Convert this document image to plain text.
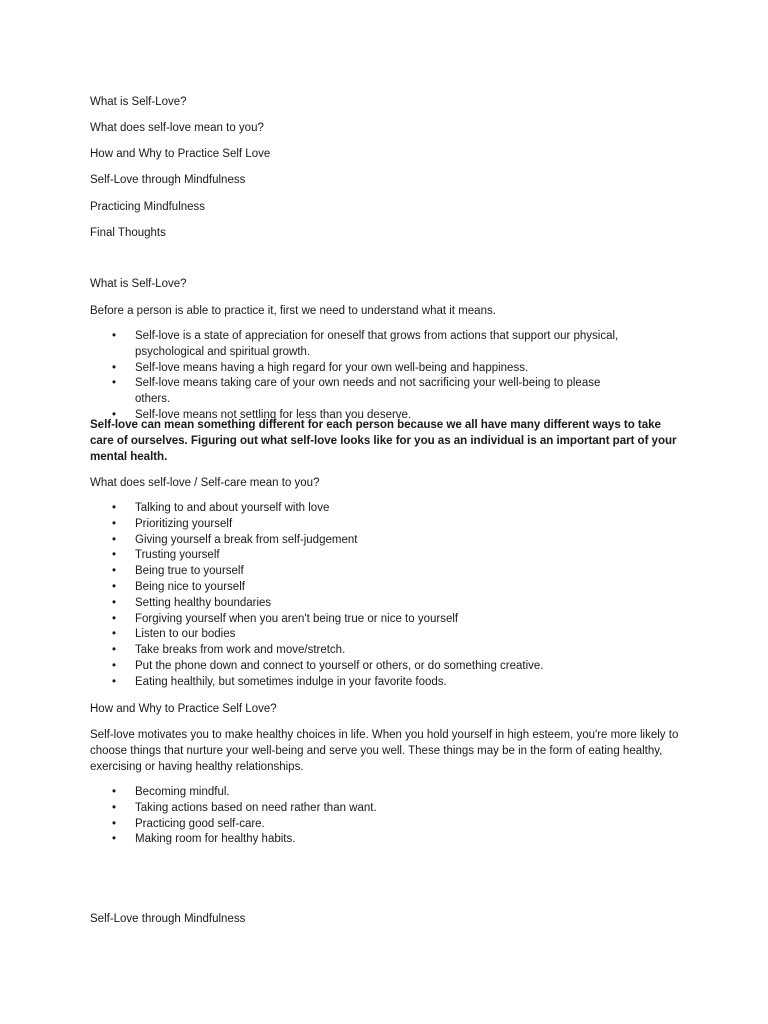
What is Self-Love?
What does self-love mean to you?
How and Why to Practice Self Love
Self-Love through Mindfulness
Practicing Mindfulness
Final Thoughts
What is Self-Love?
Before a person is able to practice it, first we need to understand what it means.
• Self-love is a state of appreciation for oneself that grows from actions that support our physical, psychological and spiritual growth.
• Self-love means having a high regard for your own well-being and happiness.
• Self-love means taking care of your own needs and not sacrificing your well-being to please others.
• Self-love means not settling for less than you deserve.
Self-love can mean something different for each person because we all have many different ways to take care of ourselves. Figuring out what self-love looks like for you as an individual is an important part of your mental health.
What does self-love / Self-care mean to you?
• Talking to and about yourself with love
• Prioritizing yourself
• Giving yourself a break from self-judgement
• Trusting yourself
• Being true to yourself
• Being nice to yourself
• Setting healthy boundaries
• Forgiving yourself when you aren't being true or nice to yourself
• Listen to our bodies
• Take breaks from work and move/stretch.
• Put the phone down and connect to yourself or others, or do something creative.
• Eating healthily, but sometimes indulge in your favorite foods.
How and Why to Practice Self Love?
Self-love motivates you to make healthy choices in life. When you hold yourself in high esteem, you're more likely to choose things that nurture your well-being and serve you well. These things may be in the form of eating healthy, exercising or having healthy relationships.
• Becoming mindful.
• Taking actions based on need rather than want.
• Practicing good self-care.
• Making room for healthy habits.
Self-Love through Mindfulness
